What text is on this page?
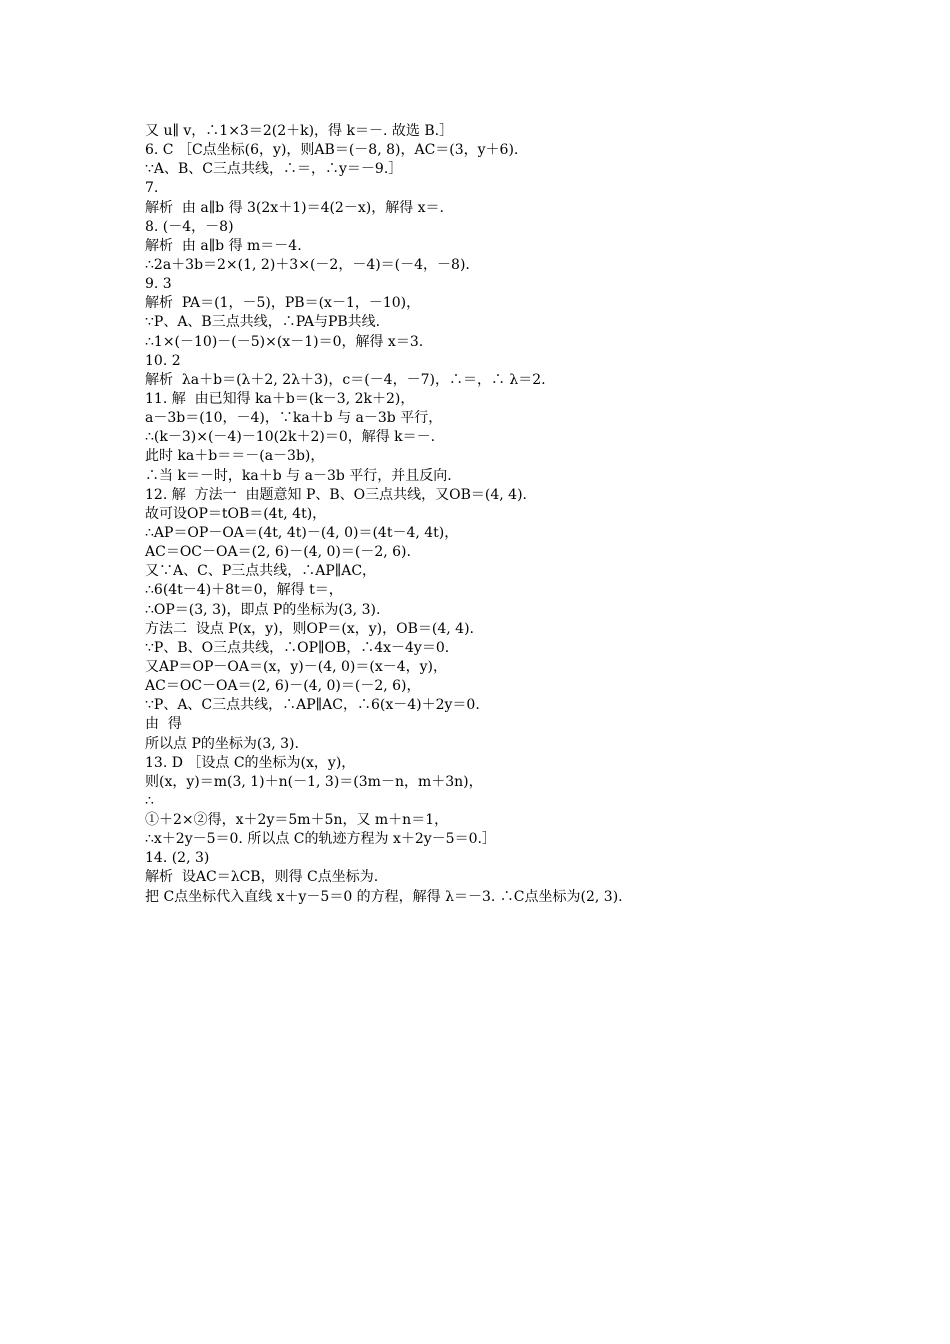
又 u∥ v，∴1×3＝2(2＋k)，得 k＝－. 故选 B.］
6. C ［C点坐标(6，y)，则AB＝(－8, 8)，AC＝(3，y＋6).
∵A、B、C三点共线，∴＝，∴y＝－9.］
7.
解析  由 a∥b 得 3(2x＋1)＝4(2－x)，解得 x＝.
8. (－4，－8)
解析  由 a∥b 得 m＝－4.
∴2a＋3b＝2×(1, 2)＋3×(－2，－4)＝(－4，－8).
9. 3
解析  PA＝(1，－5)，PB＝(x－1，－10)，
∵P、A、B三点共线，∴PA与PB共线.
∴1×(－10)－(－5)×(x－1)＝0，解得 x＝3.
10. 2
解析  λa＋b＝(λ＋2, 2λ＋3)，c＝(－4，－7)，∴＝，∴ λ＝2.
11. 解  由已知得 ka＋b＝(k－3, 2k＋2)，
a－3b＝(10，－4)，∵ka＋b 与 a－3b 平行，
∴(k－3)×(－4)－10(2k＋2)＝0，解得 k＝－.
此时 ka＋b＝＝－(a－3b)，
∴当 k＝－时，ka＋b 与 a－3b 平行，并且反向.
12. 解  方法一  由题意知 P、B、O三点共线，又OB＝(4, 4).
故可设OP＝tOB＝(4t, 4t)，
∴AP＝OP－OA＝(4t, 4t)－(4, 0)＝(4t－4, 4t)，
AC＝OC－OA＝(2, 6)－(4, 0)＝(－2, 6).
又∵A、C、P三点共线，∴AP∥AC，
∴6(4t－4)＋8t＝0，解得 t＝，
∴OP＝(3, 3)，即点 P的坐标为(3, 3).
方法二  设点 P(x，y)，则OP＝(x，y)，OB＝(4, 4).
∵P、B、O三点共线，∴OP∥OB，∴4x－4y＝0.
又AP＝OP－OA＝(x，y)－(4, 0)＝(x－4，y)，
AC＝OC－OA＝(2, 6)－(4, 0)＝(－2, 6)，
∵P、A、C三点共线，∴AP∥AC，∴6(x－4)＋2y＝0.
由  得
所以点 P的坐标为(3, 3).
13. D ［设点 C的坐标为(x，y)，
则(x，y)＝m(3, 1)＋n(－1, 3)＝(3m－n，m＋3n)，
∴
①＋2×②得，x＋2y＝5m＋5n，又 m＋n＝1，
∴x＋2y－5＝0. 所以点 C的轨迹方程为 x＋2y－5＝0.］
14. (2, 3)
解析  设AC＝λCB，则得 C点坐标为.
把 C点坐标代入直线 x＋y－5＝0 的方程，解得 λ＝－3. ∴C点坐标为(2, 3).
